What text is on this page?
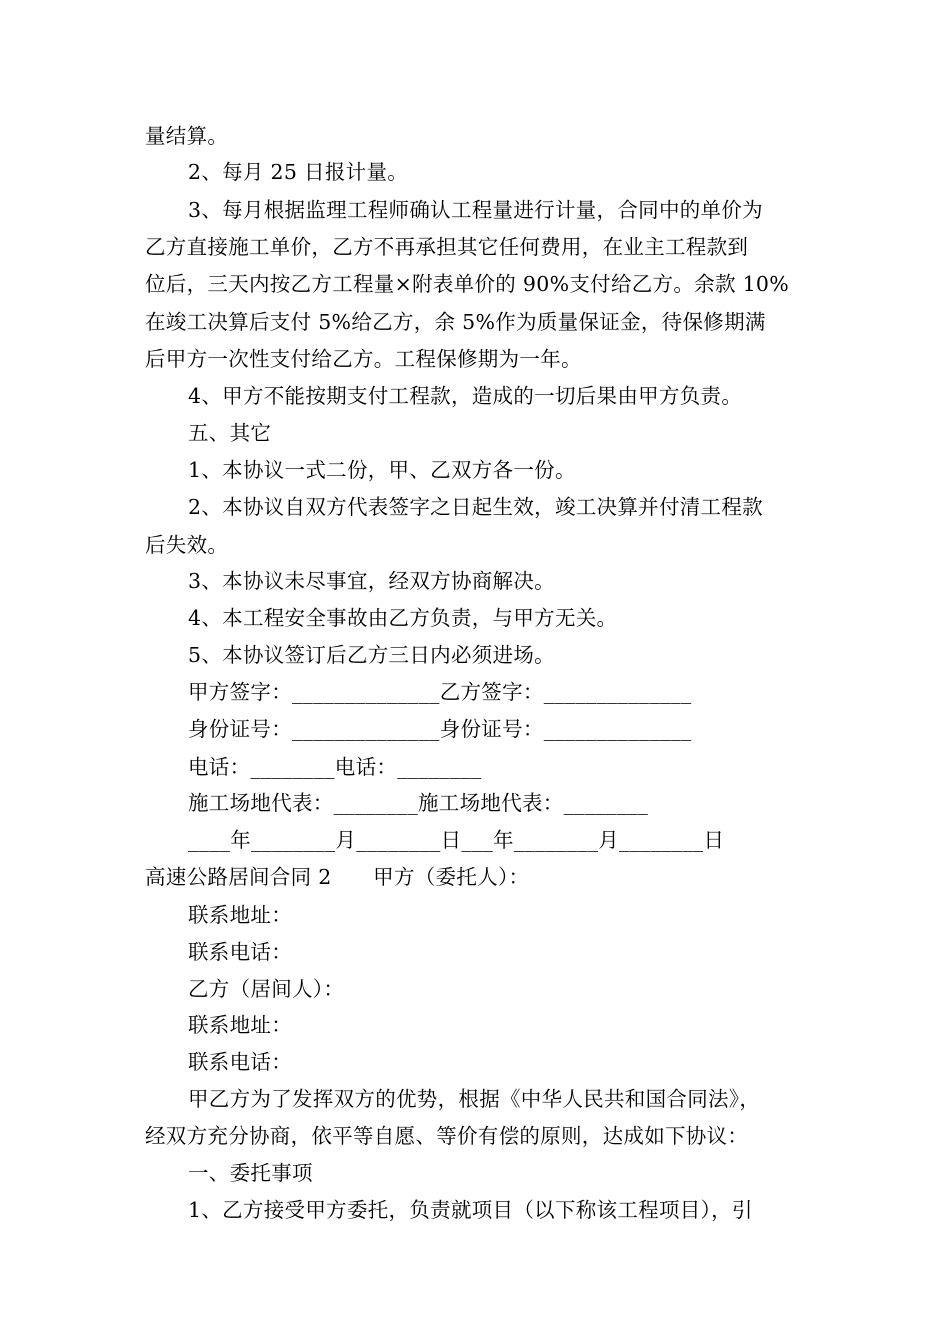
量结算。
2、每月 25 日报计量。
3、每月根据监理工程师确认工程量进行计量，合同中的单价为
乙方直接施工单价，乙方不再承担其它任何费用，在业主工程款到
位后，三天内按乙方工程量×附表单价的 90%支付给乙方。余款 10%
在竣工决算后支付 5%给乙方，余 5%作为质量保证金，待保修期满
后甲方一次性支付给乙方。工程保修期为一年。
4、甲方不能按期支付工程款，造成的一切后果由甲方负责。
五、其它
1、本协议一式二份，甲、乙双方各一份。
2、本协议自双方代表签字之日起生效，竣工决算并付清工程款
后失效。
3、本协议未尽事宜，经双方协商解决。
4、本工程安全事故由乙方负责，与甲方无关。
5、本协议签订后乙方三日内必须进场。
甲方签字：______________乙方签字：______________
身份证号：______________身份证号：______________
电话：________电话：________
施工场地代表：________施工场地代表：________
____年________月________日___年________月________日
高速公路居间合同 2　　甲方（委托人）：
联系地址：
联系电话：
乙方（居间人）：
联系地址：
联系电话：
甲乙方为了发挥双方的优势，根据《中华人民共和国合同法》，
经双方充分协商，依平等自愿、等价有偿的原则，达成如下协议：
一、委托事项
1、乙方接受甲方委托，负责就项目（以下称该工程项目），引
